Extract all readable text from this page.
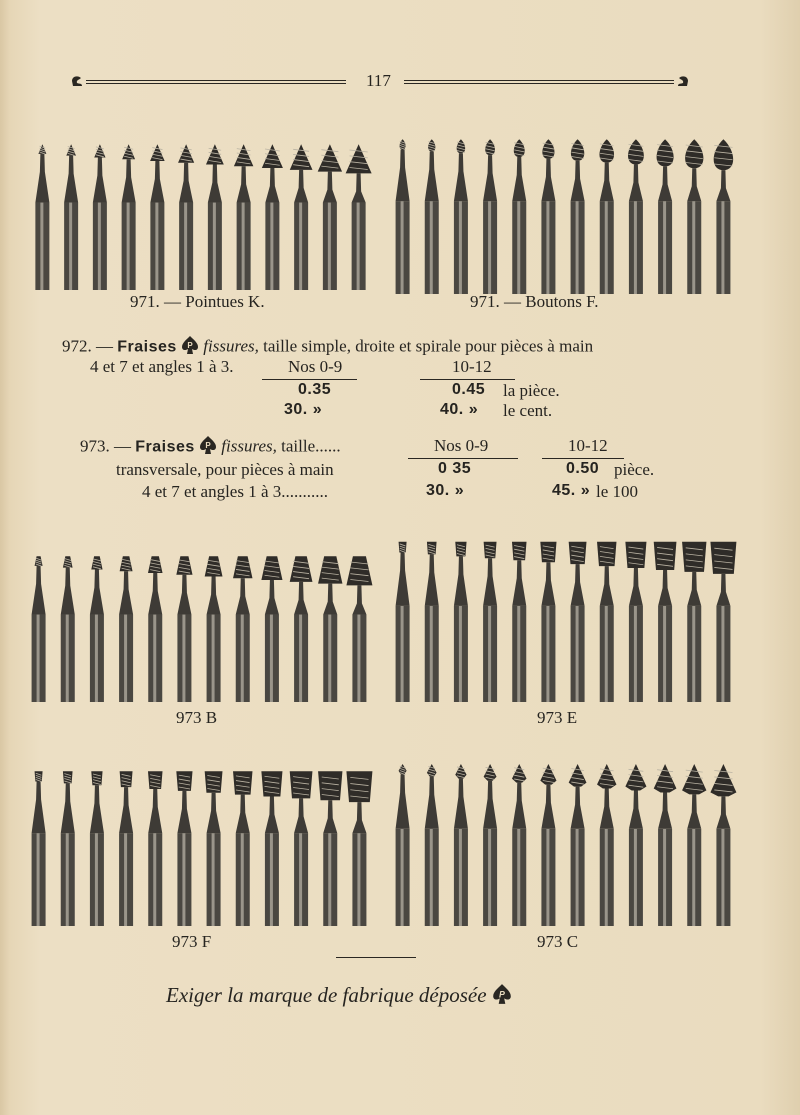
117
971. — Pointues K.	971. — Boutons F.
972. — Fraises P fissures, taille simple, droite et spirale pour pièces à main
4 et 7 et angles 1 à 3.	Nos 0-9	10-12
0.35	0.45 la pièce.
30. »	40. » le cent.
973. — Fraises P fissures, taille......
transversale, pour pièces à main
4 et 7 et angles 1 à 3...........
Nos 0-9	10-12
0 35	0.50 pièce.
30. »	45. » le 100
973 B	973 E
973 F	973 C
Exiger la marque de fabrique déposée P
